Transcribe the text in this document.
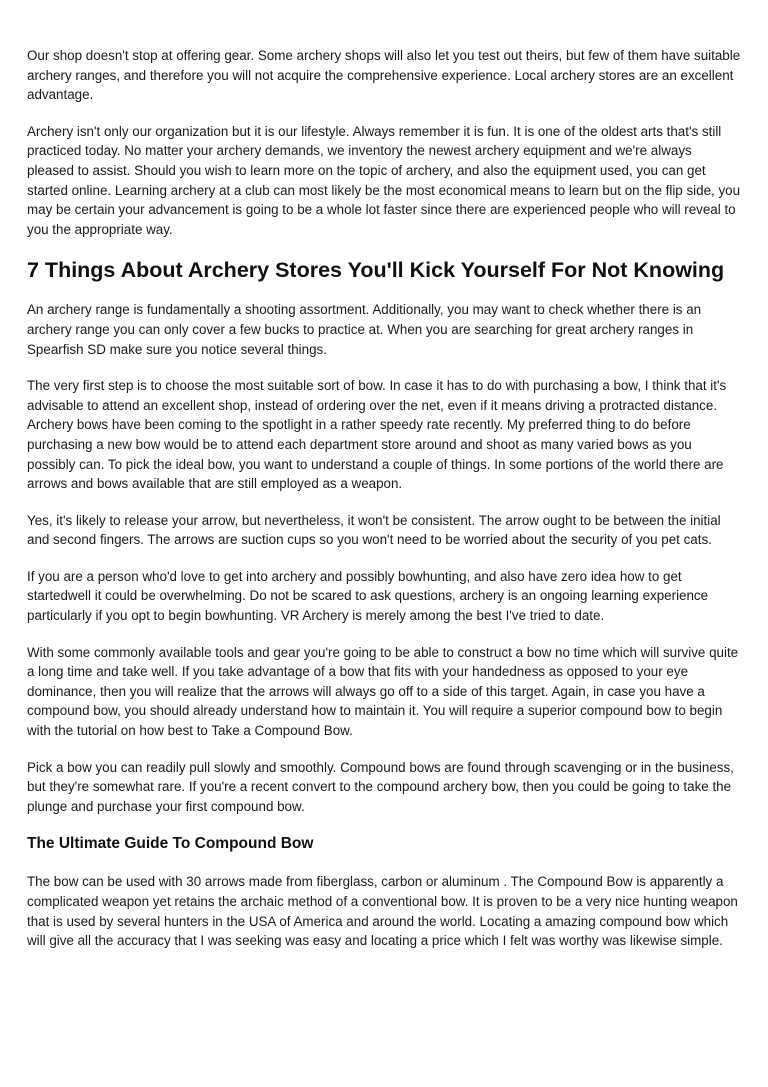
Our shop doesn't stop at offering gear. Some archery shops will also let you test out theirs, but few of them have suitable archery ranges, and therefore you will not acquire the comprehensive experience. Local archery stores are an excellent advantage.

Archery isn't only our organization but it is our lifestyle. Always remember it is fun. It is one of the oldest arts that's still practiced today. No matter your archery demands, we inventory the newest archery equipment and we're always pleased to assist. Should you wish to learn more on the topic of archery, and also the equipment used, you can get started online. Learning archery at a club can most likely be the most economical means to learn but on the flip side, you may be certain your advancement is going to be a whole lot faster since there are experienced people who will reveal to you the appropriate way.

7 Things About Archery Stores You'll Kick Yourself For Not Knowing

An archery range is fundamentally a shooting assortment. Additionally, you may want to check whether there is an archery range you can only cover a few bucks to practice at. When you are searching for great archery ranges in Spearfish SD make sure you notice several things.

The very first step is to choose the most suitable sort of bow. In case it has to do with purchasing a bow, I think that it's advisable to attend an excellent shop, instead of ordering over the net, even if it means driving a protracted distance. Archery bows have been coming to the spotlight in a rather speedy rate recently. My preferred thing to do before purchasing a new bow would be to attend each department store around and shoot as many varied bows as you possibly can. To pick the ideal bow, you want to understand a couple of things. In some portions of the world there are arrows and bows available that are still employed as a weapon.

Yes, it's likely to release your arrow, but nevertheless, it won't be consistent. The arrow ought to be between the initial and second fingers. The arrows are suction cups so you won't need to be worried about the security of you pet cats.

If you are a person who'd love to get into archery and possibly bowhunting, and also have zero idea how to get startedwell it could be overwhelming. Do not be scared to ask questions, archery is an ongoing learning experience particularly if you opt to begin bowhunting. VR Archery is merely among the best I've tried to date.

With some commonly available tools and gear you're going to be able to construct a bow no time which will survive quite a long time and take well. If you take advantage of a bow that fits with your handedness as opposed to your eye dominance, then you will realize that the arrows will always go off to a side of this target. Again, in case you have a compound bow, you should already understand how to maintain it. You will require a superior compound bow to begin with the tutorial on how best to Take a Compound Bow.

Pick a bow you can readily pull slowly and smoothly. Compound bows are found through scavenging or in the business, but they're somewhat rare. If you're a recent convert to the compound archery bow, then you could be going to take the plunge and purchase your first compound bow.

The Ultimate Guide To Compound Bow

The bow can be used with 30 arrows made from fiberglass, carbon or aluminum . The Compound Bow is apparently a complicated weapon yet retains the archaic method of a conventional bow. It is proven to be a very nice hunting weapon that is used by several hunters in the USA of America and around the world. Locating a amazing compound bow which will give all the accuracy that I was seeking was easy and locating a price which I felt was worthy was likewise simple.
